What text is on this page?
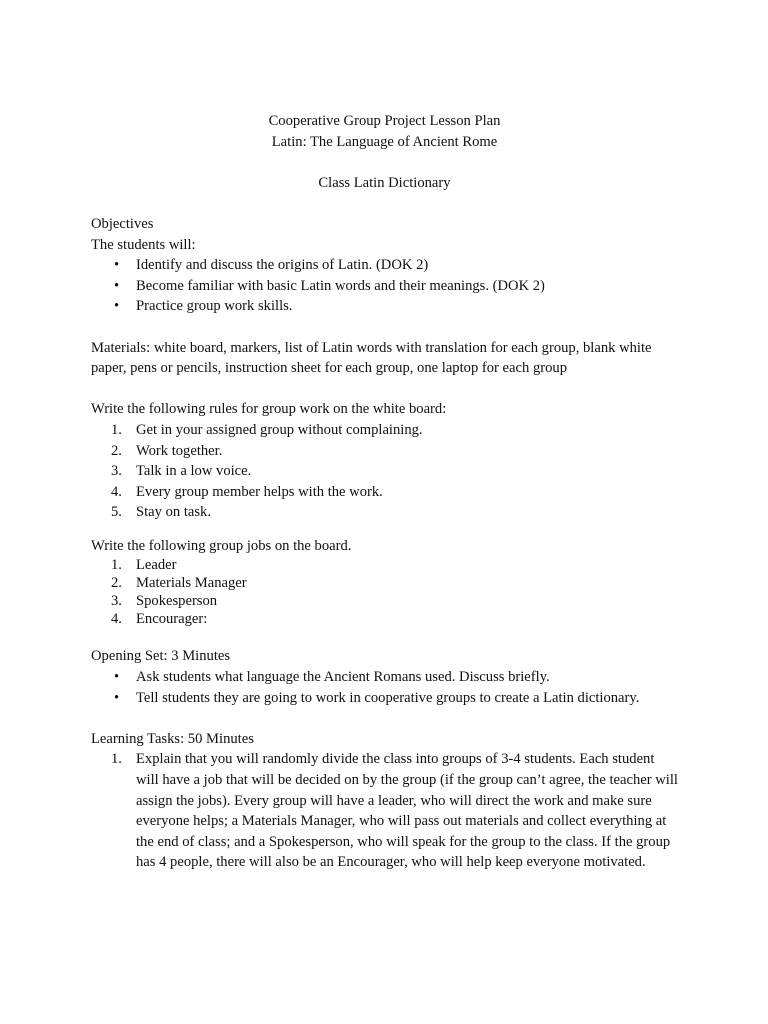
Cooperative Group Project Lesson Plan
Latin: The Language of Ancient Rome
Class Latin Dictionary
Objectives
The students will:
• Identify and discuss the origins of Latin. (DOK 2)
• Become familiar with basic Latin words and their meanings. (DOK 2)
• Practice group work skills.

Materials: white board, markers, list of Latin words with translation for each group, blank white paper, pens or pencils, instruction sheet for each group, one laptop for each group

Write the following rules for group work on the white board:
1. Get in your assigned group without complaining.
2. Work together.
3. Talk in a low voice.
4. Every group member helps with the work.
5. Stay on task.
Write the following group jobs on the board.
1. Leader
2. Materials Manager
3. Spokesperson
4. Encourager:
Opening Set: 3 Minutes
• Ask students what language the Ancient Romans used. Discuss briefly.
• Tell students they are going to work in cooperative groups to create a Latin dictionary.
Learning Tasks: 50 Minutes
1. Explain that you will randomly divide the class into groups of 3-4 students. Each student will have a job that will be decided on by the group (if the group can’t agree, the teacher will assign the jobs). Every group will have a leader, who will direct the work and make sure everyone helps; a Materials Manager, who will pass out materials and collect everything at the end of class; and a Spokesperson, who will speak for the group to the class. If the group has 4 people, there will also be an Encourager, who will help keep everyone motivated.
